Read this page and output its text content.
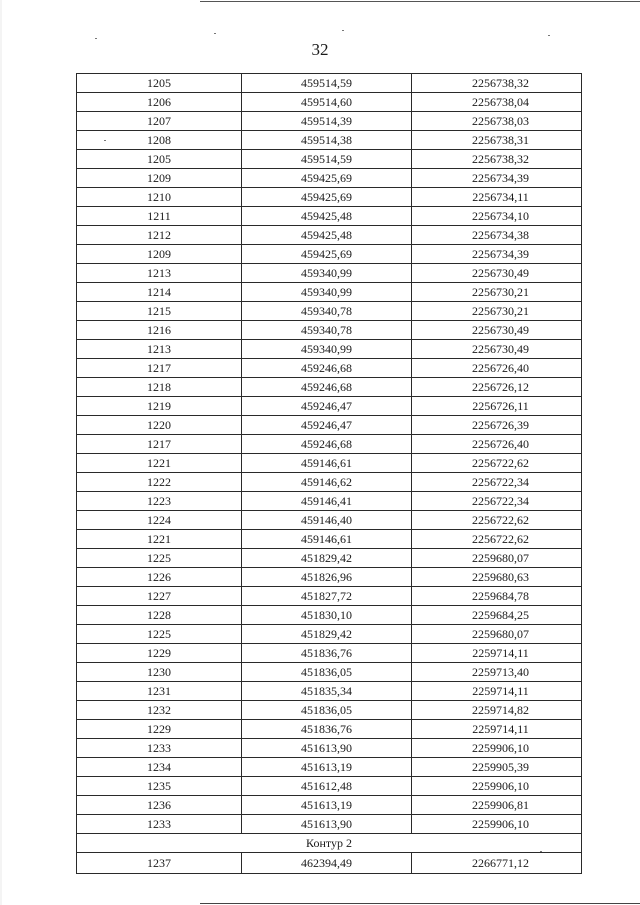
32
1205	459514,59	2256738,32
1206	459514,60	2256738,04
1207	459514,39	2256738,03
1208	459514,38	2256738,31
1205	459514,59	2256738,32
1209	459425,69	2256734,39
1210	459425,69	2256734,11
1211	459425,48	2256734,10
1212	459425,48	2256734,38
1209	459425,69	2256734,39
1213	459340,99	2256730,49
1214	459340,99	2256730,21
1215	459340,78	2256730,21
1216	459340,78	2256730,49
1213	459340,99	2256730,49
1217	459246,68	2256726,40
1218	459246,68	2256726,12
1219	459246,47	2256726,11
1220	459246,47	2256726,39
1217	459246,68	2256726,40
1221	459146,61	2256722,62
1222	459146,62	2256722,34
1223	459146,41	2256722,34
1224	459146,40	2256722,62
1221	459146,61	2256722,62
1225	451829,42	2259680,07
1226	451826,96	2259680,63
1227	451827,72	2259684,78
1228	451830,10	2259684,25
1225	451829,42	2259680,07
1229	451836,76	2259714,11
1230	451836,05	2259713,40
1231	451835,34	2259714,11
1232	451836,05	2259714,82
1229	451836,76	2259714,11
1233	451613,90	2259906,10
1234	451613,19	2259905,39
1235	451612,48	2259906,10
1236	451613,19	2259906,81
1233	451613,90	2259906,10
Контур 2		
1237	462394,49	2266771,12
